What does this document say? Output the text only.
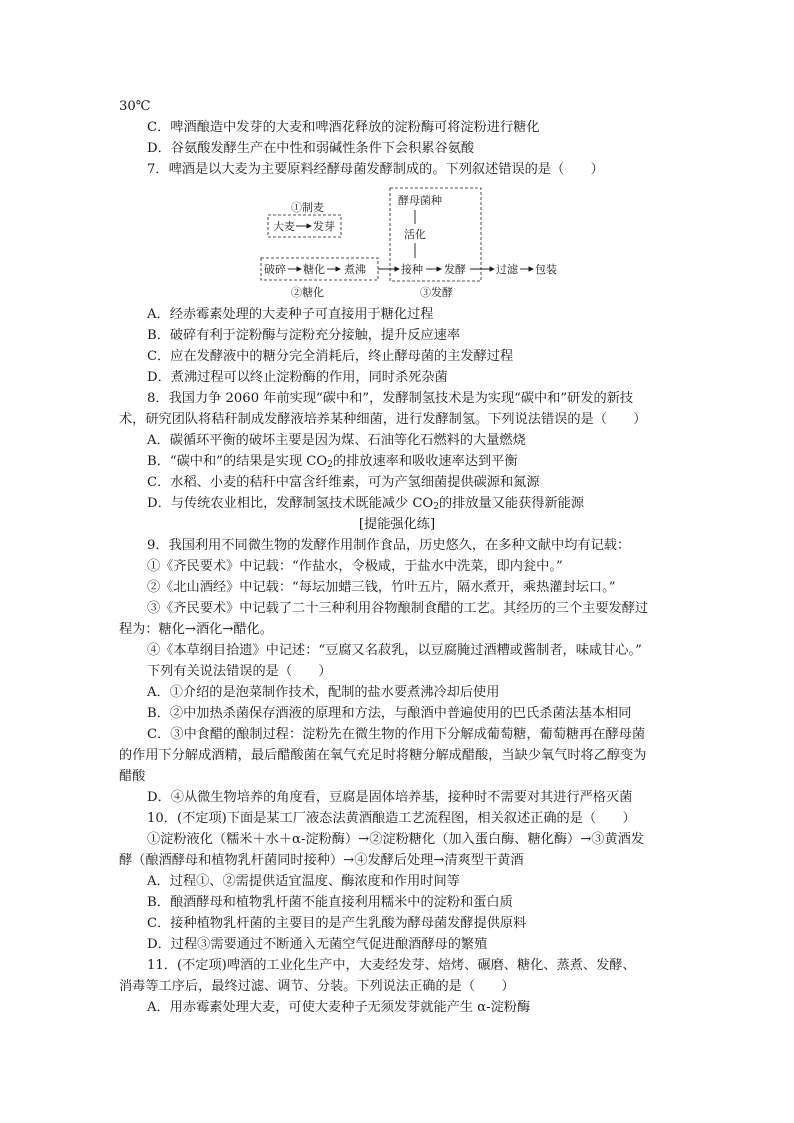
30℃
C．啤酒酿造中发芽的大麦和啤酒花释放的淀粉酶可将淀粉进行糖化
D．谷氨酸发酵生产在中性和弱碱性条件下会积累谷氨酸
7．啤酒是以大麦为主要原料经酵母菌发酵制成的。下列叙述错误的是（　　）
①制麦
大麦 发芽
破碎 糖化 煮沸
②糖化
酵母菌种
活化
接种 发酵	过滤 包装
③发酵
A．经赤霉素处理的大麦种子可直接用于糖化过程
B．破碎有利于淀粉酶与淀粉充分接触，提升反应速率
C．应在发酵液中的糖分完全消耗后，终止酵母菌的主发酵过程
D．煮沸过程可以终止淀粉酶的作用，同时杀死杂菌
8．我国力争 2060 年前实现“碳中和”，发酵制氢技术是为实现“碳中和”研发的新技
术，研究团队将秸秆制成发酵液培养某种细菌，进行发酵制氢。下列说法错误的是（　　）
A．碳循环平衡的破坏主要是因为煤、石油等化石燃料的大量燃烧
B．“碳中和”的结果是实现 $CO_2$的排放速率和吸收速率达到平衡
C．水稻、小麦的秸秆中富含纤维素，可为产氢细菌提供碳源和氮源
D．与传统农业相比，发酵制氢技术既能减少 $CO_2$的排放量又能获得新能源
[提能强化练]
9．我国利用不同微生物的发酵作用制作食品，历史悠久，在多种文献中均有记载：
①《齐民要术》中记载：“作盐水，令极咸，于盐水中洗菜，即内瓮中。”
②《北山酒经》中记载：“每坛加蜡三钱，竹叶五片，隔水煮开，乘热灌封坛口。”
③《齐民要术》中记载了二十三种利用谷物酿制食醋的工艺。其经历的三个主要发酵过
程为：糖化→酒化→醋化。
④《本草纲目拾遗》中记述：“豆腐又名菽乳，以豆腐腌过酒糟或酱制者，味咸甘心。”
下列有关说法错误的是（　　）
A．①介绍的是泡菜制作技术，配制的盐水要煮沸冷却后使用
B．②中加热杀菌保存酒液的原理和方法，与酿酒中普遍使用的巴氏杀菌法基本相同
C．③中食醋的酿制过程：淀粉先在微生物的作用下分解成葡萄糖，葡萄糖再在酵母菌
的作用下分解成酒精，最后醋酸菌在氧气充足时将糖分解成醋酸，当缺少氧气时将乙醇变为
醋酸
D．④从微生物培养的角度看，豆腐是固体培养基，接种时不需要对其进行严格灭菌
10．(不定项)下面是某工厂液态法黄酒酿造工艺流程图，相关叙述正确的是（　　）
①淀粉液化（糯米＋水＋α-淀粉酶）→②淀粉糖化（加入蛋白酶、糖化酶）→③黄酒发
酵（酿酒酵母和植物乳杆菌同时接种）→④发酵后处理→清爽型干黄酒
A．过程①、②需提供适宜温度、酶浓度和作用时间等
B．酿酒酵母和植物乳杆菌不能直接利用糯米中的淀粉和蛋白质
C．接种植物乳杆菌的主要目的是产生乳酸为酵母菌发酵提供原料
D．过程③需要通过不断通入无菌空气促进酿酒酵母的繁殖
11．(不定项)啤酒的工业化生产中，大麦经发芽、焙烤、碾磨、糖化、蒸煮、发酵、
消毒等工序后，最终过滤、调节、分装。下列说法正确的是（　　）
A．用赤霉素处理大麦，可使大麦种子无须发芽就能产生 α-淀粉酶
